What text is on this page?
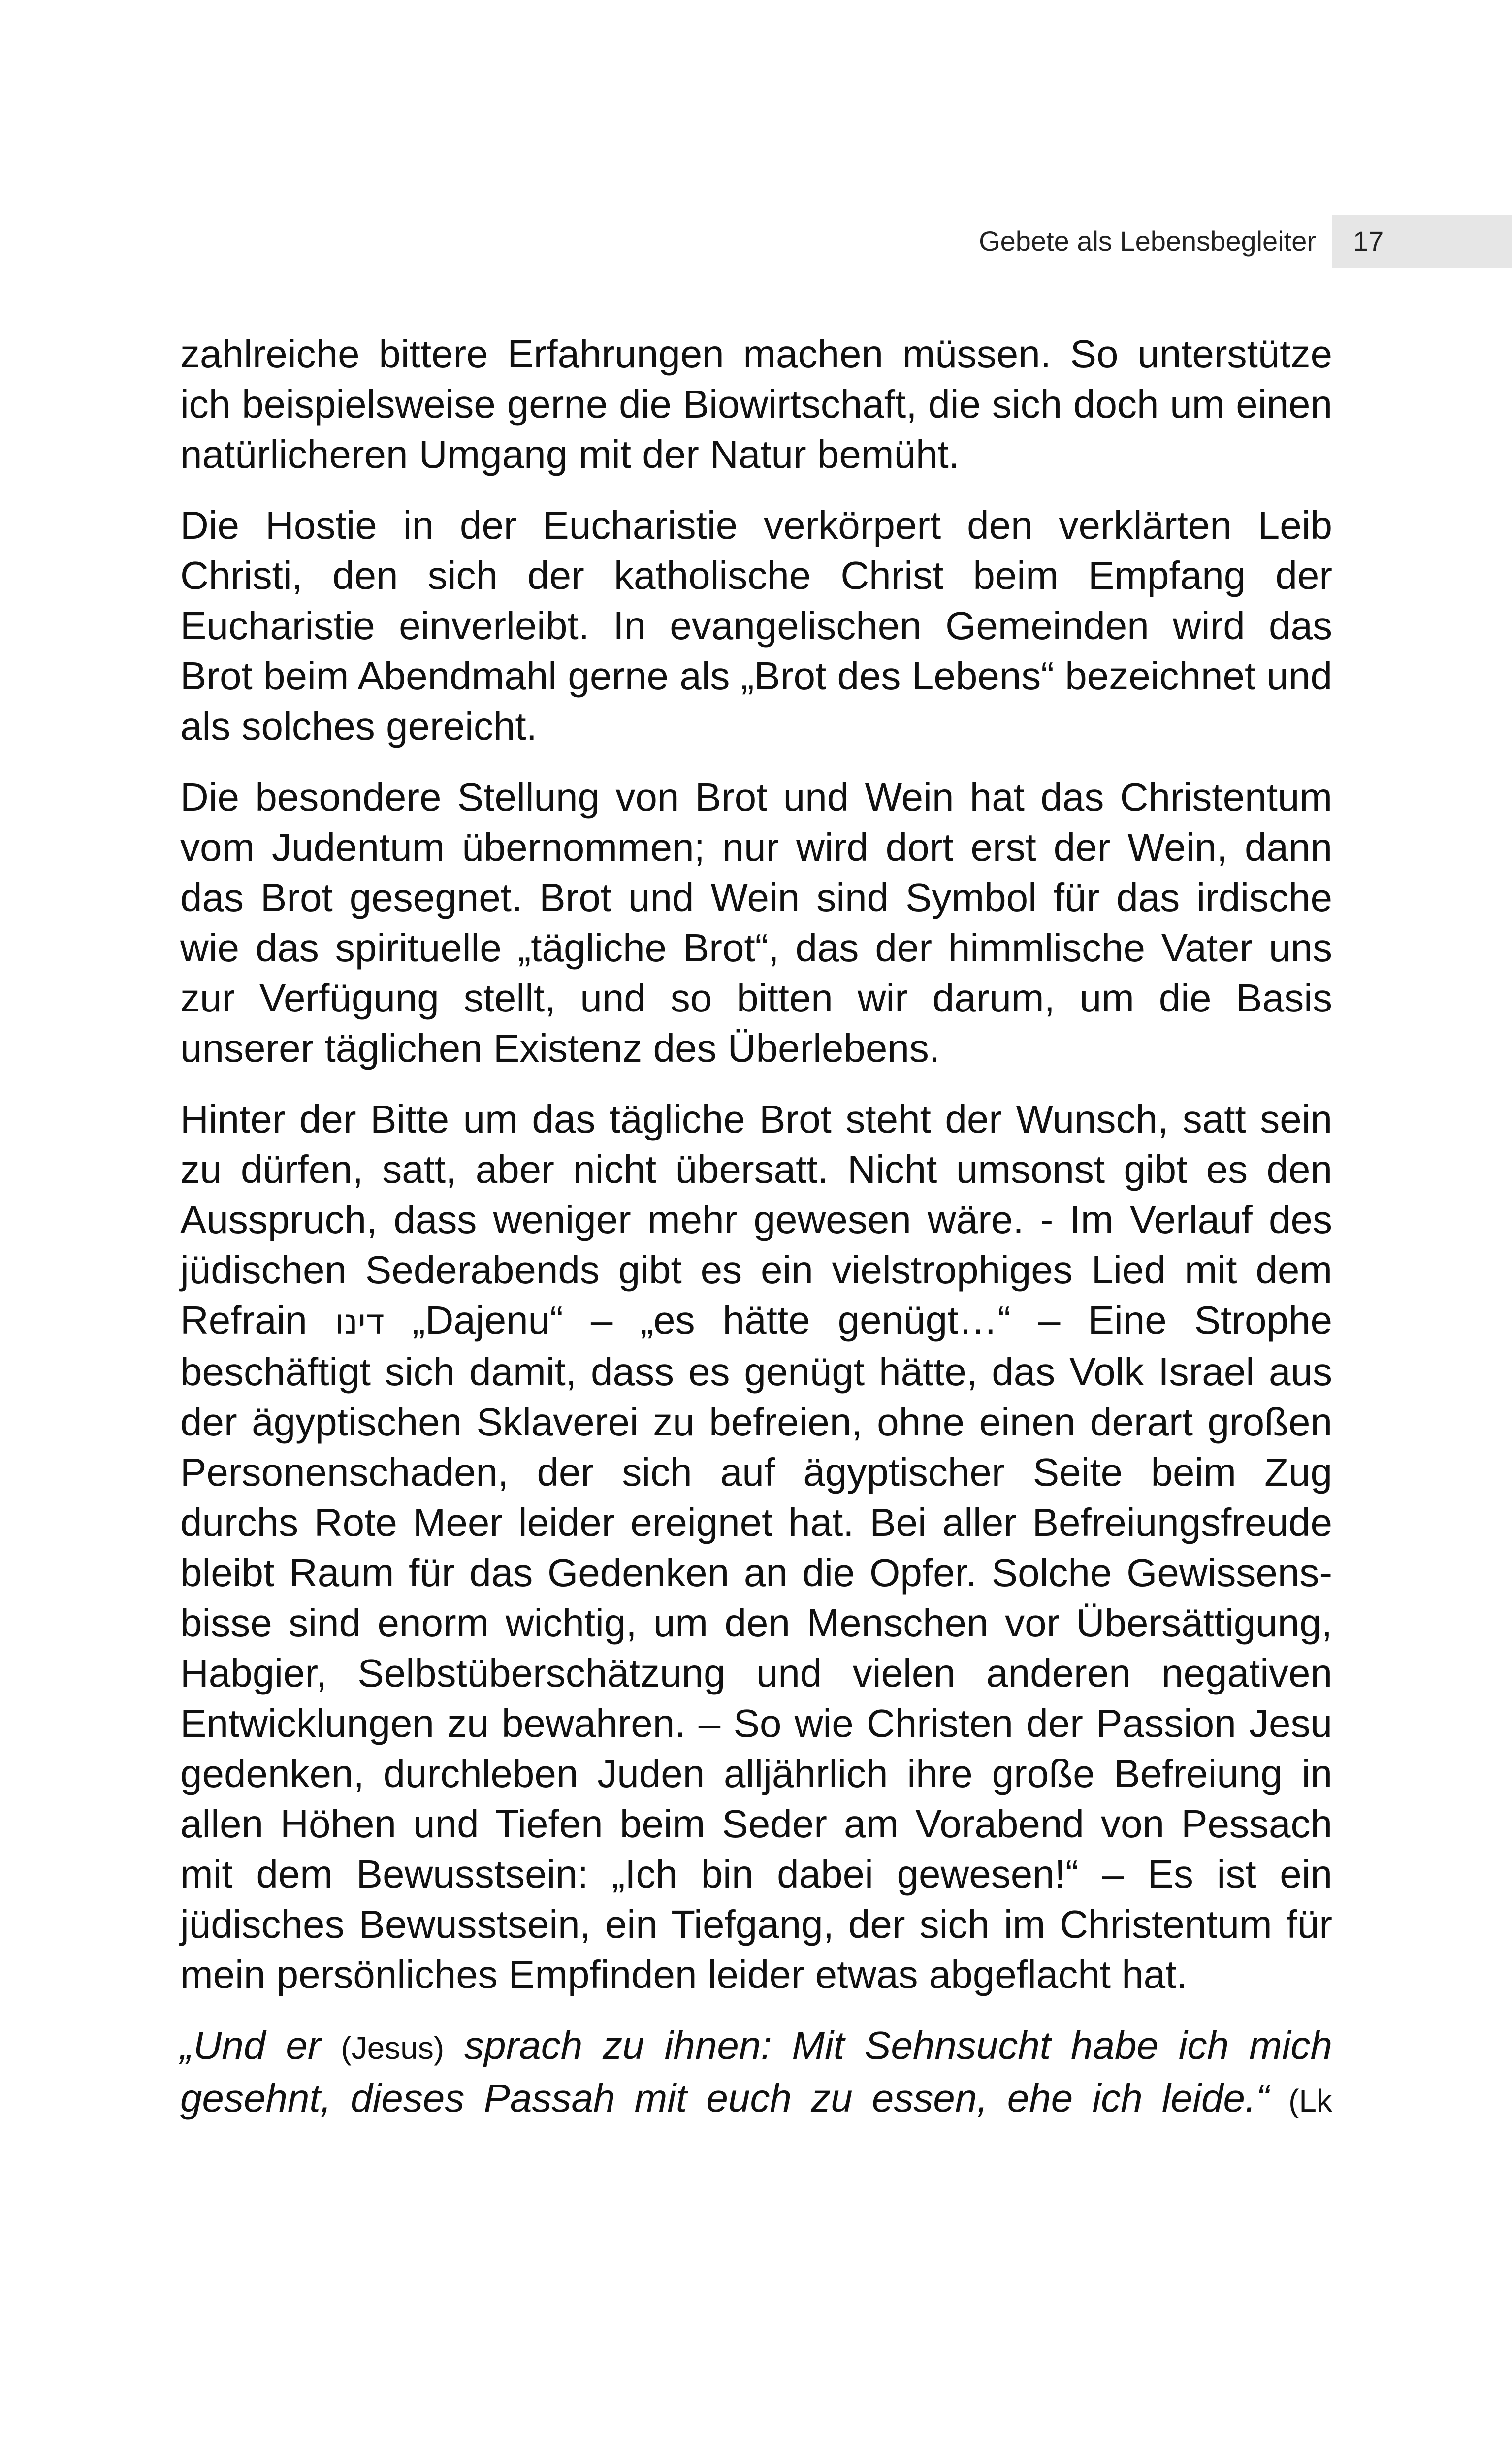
Gebete als Lebensbegleiter 17

zahlreiche bittere Erfahrungen machen müssen. So unterstütze ich beispielsweise gerne die Biowirtschaft, die sich doch um einen natürlicheren Umgang mit der Natur bemüht.

Die Hostie in der Eucharistie verkörpert den verklärten Leib Christi, den sich der katholische Christ beim Empfang der Eucharistie einverleibt. In evangelischen Gemeinden wird das Brot beim Abendmahl gerne als „Brot des Lebens“ bezeichnet und als solches gereicht.

Die besondere Stellung von Brot und Wein hat das Christentum vom Judentum übernommen; nur wird dort erst der Wein, dann das Brot gesegnet. Brot und Wein sind Symbol für das irdische wie das spirituelle „tägliche Brot“, das der himmlische Vater uns zur Verfügung stellt, und so bitten wir darum, um die Basis unserer täglichen Existenz des Überlebens.

Hinter der Bitte um das tägliche Brot steht der Wunsch, satt sein zu dürfen, satt, aber nicht übersatt. Nicht umsonst gibt es den Ausspruch, dass weniger mehr gewesen wäre. - Im Verlauf des jüdischen Sederabends gibt es ein vielstrophiges Lied mit dem Refrain דינו „Dajenu“ – „es hätte genügt…“ – Eine Strophe beschäftigt sich damit, dass es genügt hätte, das Volk Israel aus der ägyptischen Sklaverei zu befreien, ohne einen derart großen Personenschaden, der sich auf ägyptischer Seite beim Zug durchs Rote Meer leider ereignet hat. Bei aller Befreiungsfreude bleibt Raum für das Gedenken an die Opfer. Solche Gewissensbisse sind enorm wichtig, um den Menschen vor Übersättigung, Habgier, Selbstüberschätzung und vielen anderen negativen Entwicklungen zu bewahren. – So wie Christen der Passion Jesu gedenken, durchleben Juden alljährlich ihre große Befreiung in allen Höhen und Tiefen beim Seder am Vorabend von Pessach mit dem Bewusstsein: „Ich bin dabei gewesen!“ – Es ist ein jüdisches Bewusstsein, ein Tiefgang, der sich im Christentum für mein persönliches Empfinden leider etwas abgeflacht hat.

„Und er (Jesus) sprach zu ihnen: Mit Sehnsucht habe ich mich gesehnt, dieses Passah mit euch zu essen, ehe ich leide.“ (Lk
